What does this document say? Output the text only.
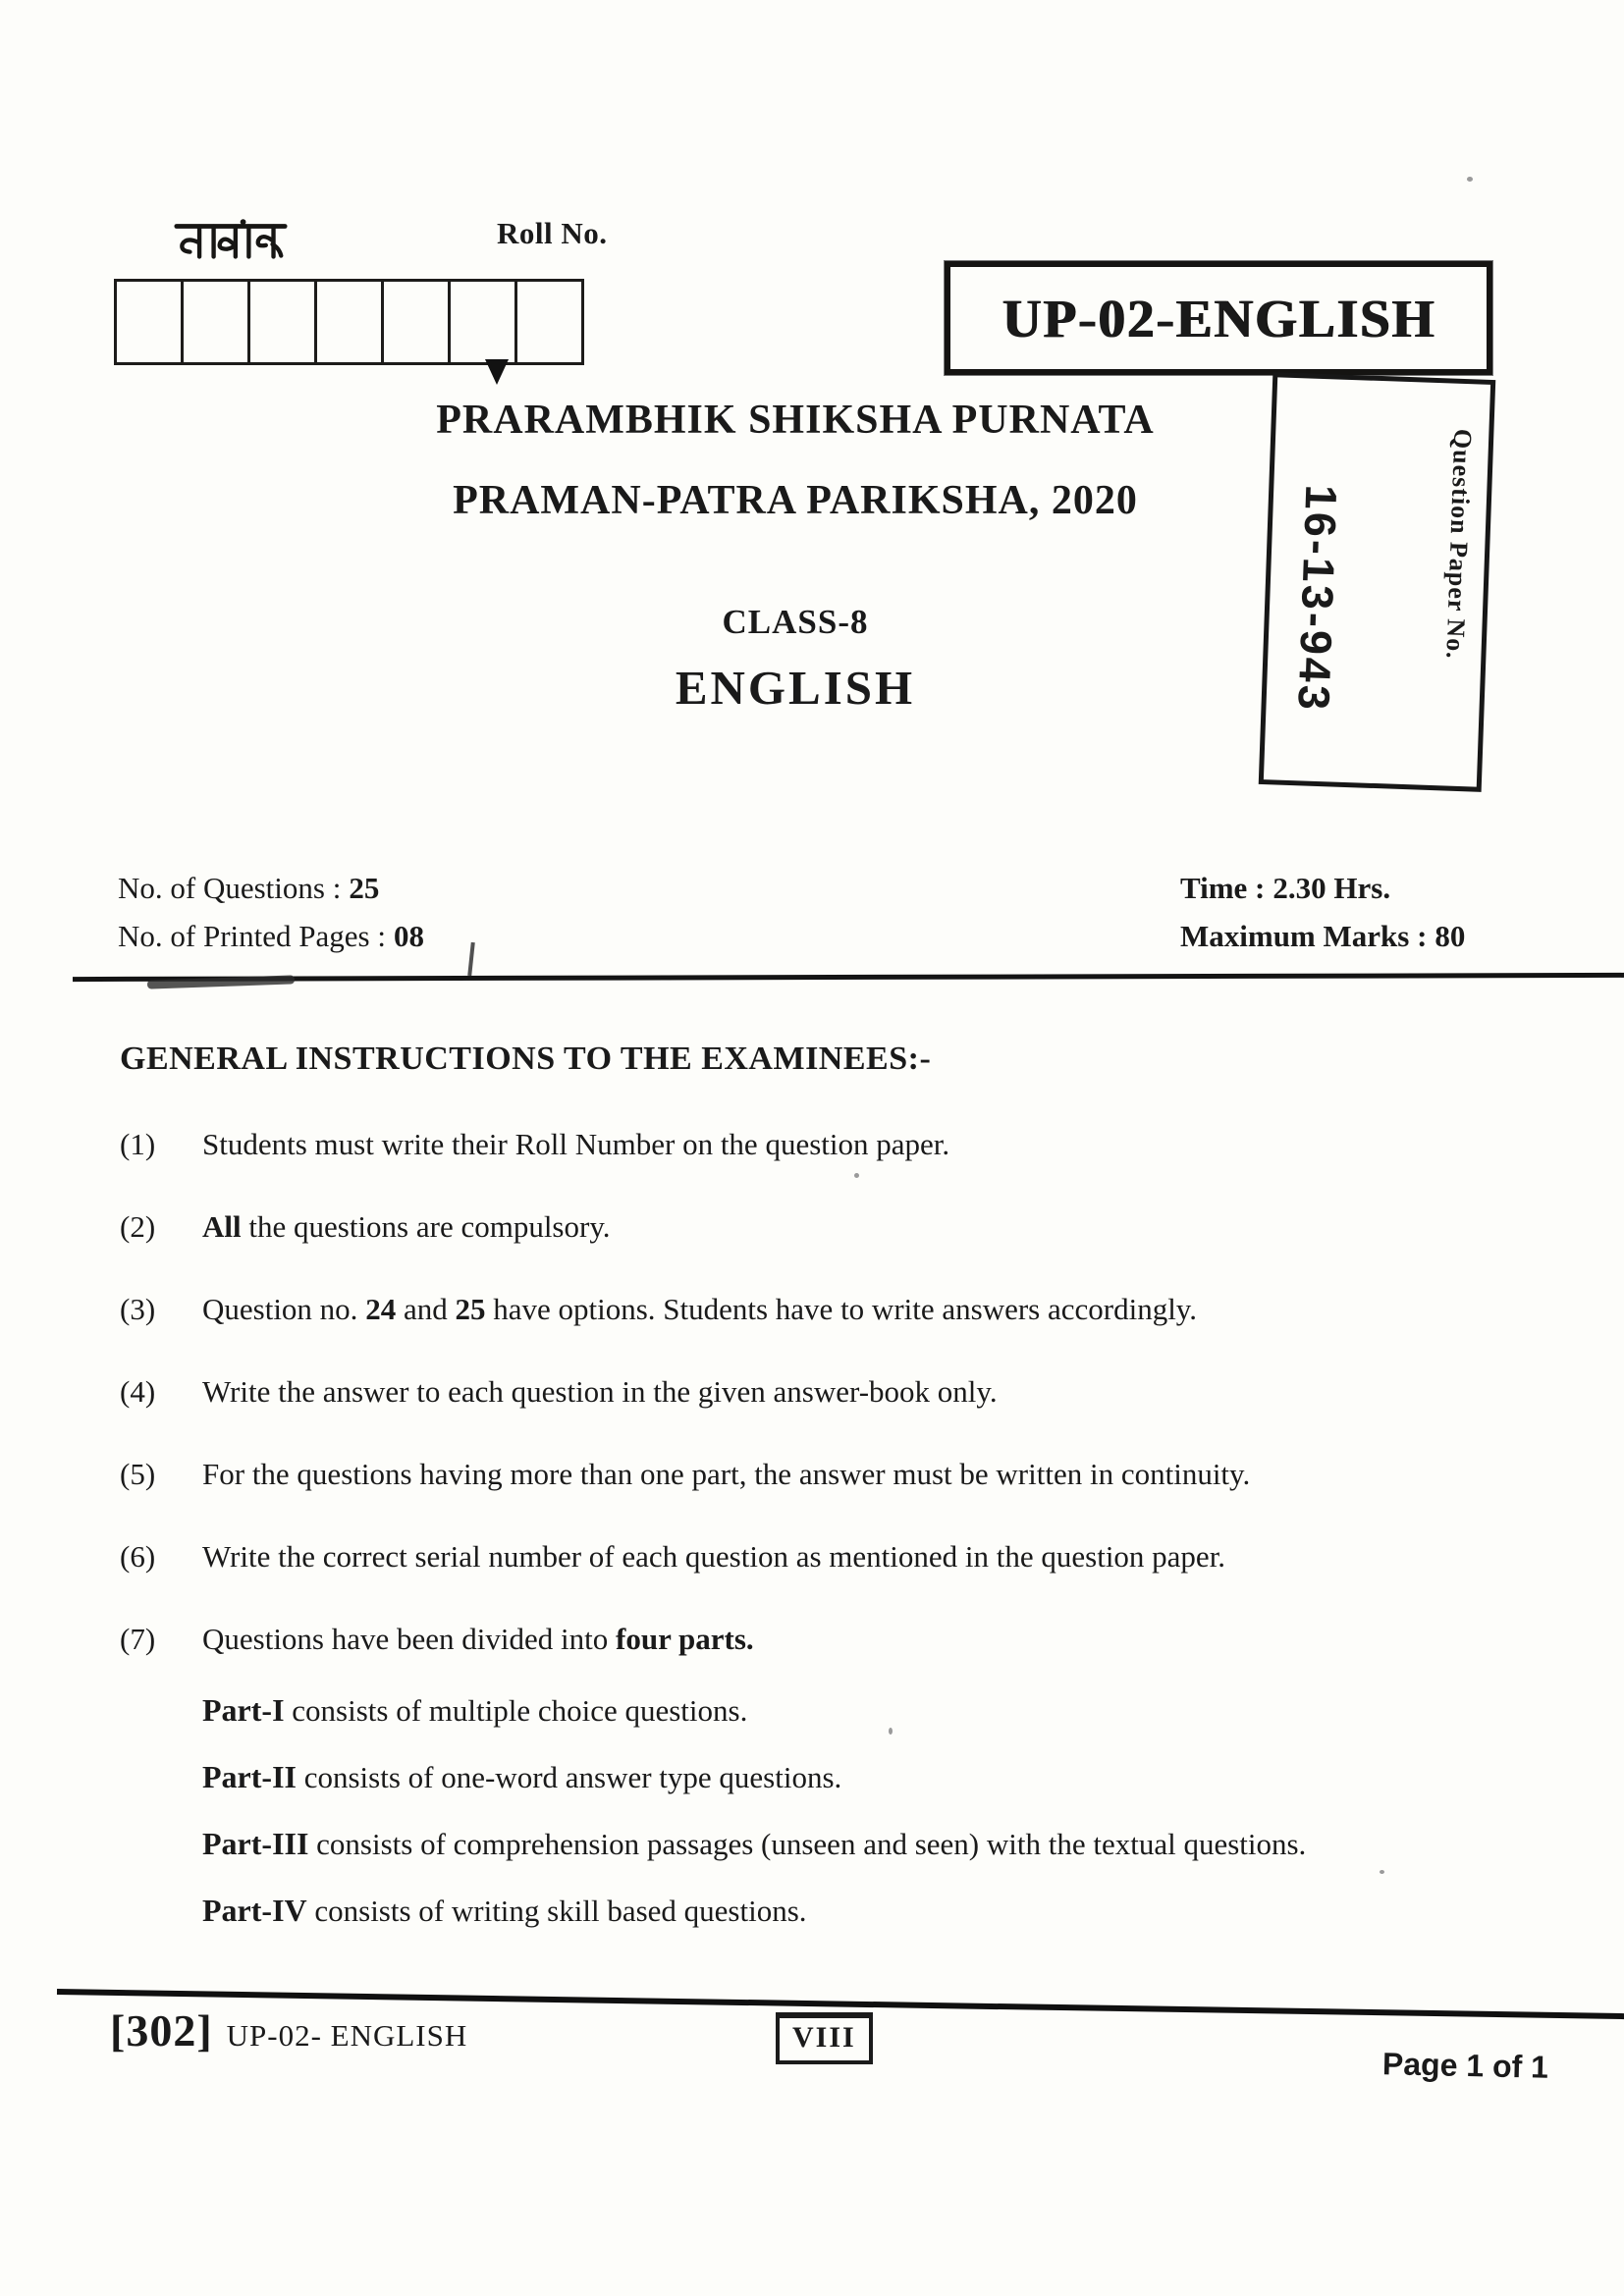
Roll No.
UP-02-ENGLISH
16-13-943	Question Paper No.
PRARAMBHIK SHIKSHA PURNATA
PRAMAN-PATRA PARIKSHA, 2020
CLASS-8
ENGLISH
No. of Questions : 25
No. of Printed Pages : 08
Time : 2.30 Hrs.
Maximum Marks : 80
GENERAL INSTRUCTIONS TO THE EXAMINEES:-
(1)	Students must write their Roll Number on the question paper.
(2)	All the questions are compulsory.
(3)	Question no. 24 and 25 have options. Students have to write answers accordingly.
(4)	Write the answer to each question in the given answer-book only.
(5)	For the questions having more than one part, the answer must be written in continuity.
(6)	Write the correct serial number of each question as mentioned in the question paper.
(7)	Questions have been divided into four parts.
Part-I consists of multiple choice questions.
Part-II consists of one-word answer type questions.
Part-III consists of comprehension passages (unseen and seen) with the textual questions.
Part-IV consists of writing skill based questions.
[302] UP-02- ENGLISH	VIII
Page 1 of 1
